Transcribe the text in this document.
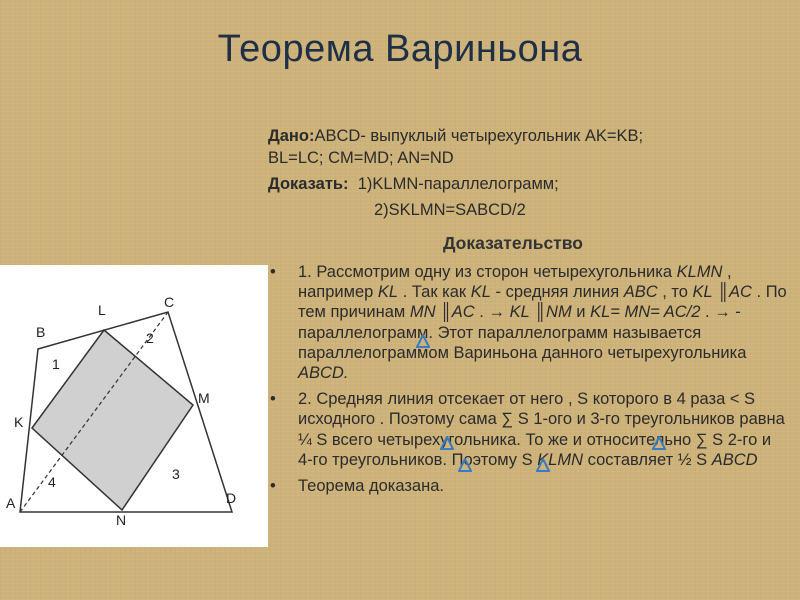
Теорема Вариньона
Дано:ABCD- выпуклый четырехугольник AK=KB;
BL=LC; CM=MD; AN=ND
Доказать: 1)KLMN-параллелограмм;
2)SKLMN=SABCD/2
Доказательство
• 1. Рассмотрим одну из сторон четырехугольника KLMN , например KL . Так как KL - средняя линия ABC , то KL ║AC . По тем причинам MN ║AC . → KL ║NM и KL= MN= AC/2 . → - параллелограмм. Этот параллелограмм называется параллелограммом Вариньона данного четырехугольника ABCD.
• 2. Средняя линия отсекает от него , S которого в 4 раза < S исходного . Поэтому сама ∑ S 1-ого и 3-го треугольников равна ¼ S всего четырехугольника. То же и относительно ∑ S 2-го и 4-го треугольников. Поэтому S KLMN составляет ½ S ABCD
• Теорема доказана.
A
B
C
D
K
L
M
N
1
2
3
4
